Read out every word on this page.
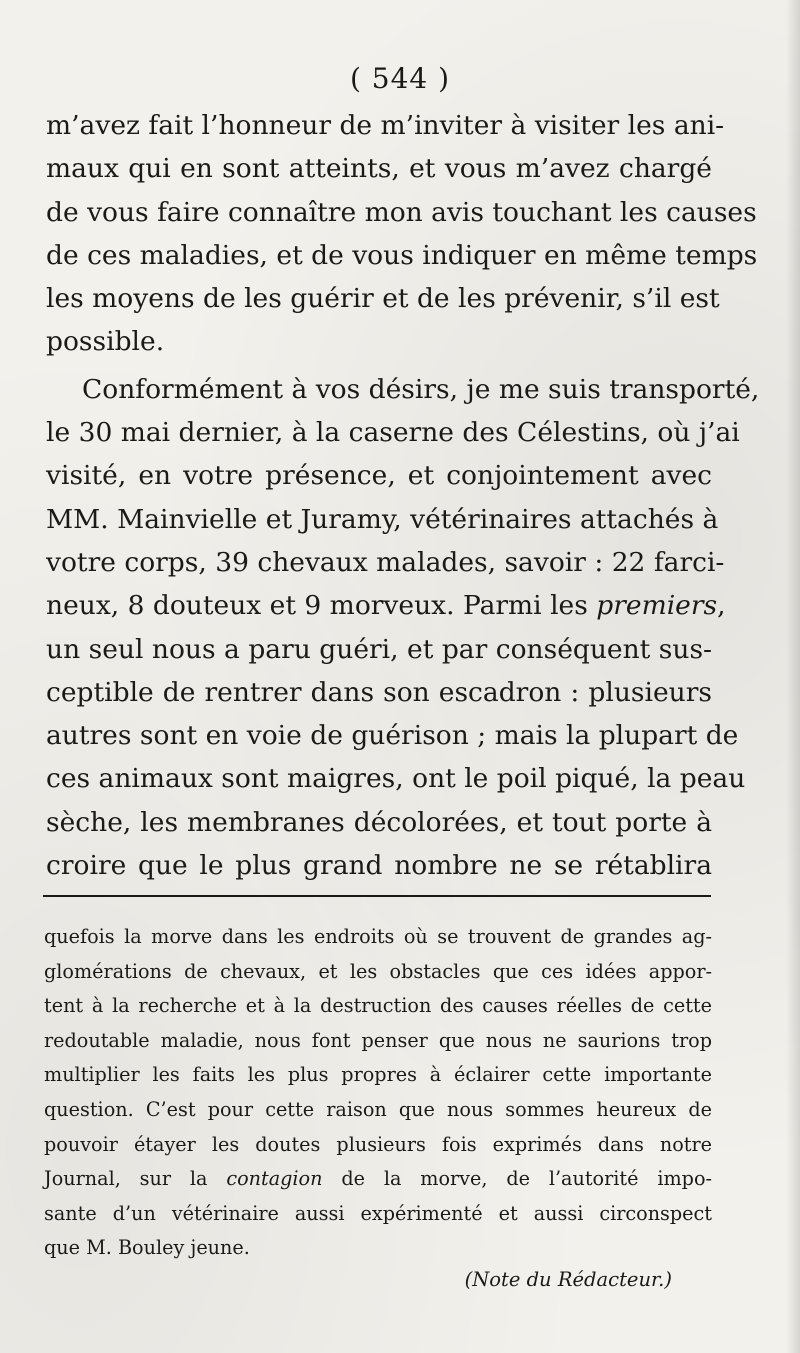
( 544 )

m’avez fait l’honneur de m’inviter à visiter les ani-
maux qui en sont atteints, et vous m’avez chargé
de vous faire connaître mon avis touchant les causes
de ces maladies, et de vous indiquer en même temps
les moyens de les guérir et de les prévenir, s’il est
possible.

Conformément à vos désirs, je me suis transporté,
le 30 mai dernier, à la caserne des Célestins, où j’ai
visité, en votre présence, et conjointement avec
MM. Mainvielle et Juramy, vétérinaires attachés à
votre corps, 39 chevaux malades, savoir : 22 farci-
neux, 8 douteux et 9 morveux. Parmi les premiers,
un seul nous a paru guéri, et par conséquent sus-
ceptible de rentrer dans son escadron : plusieurs
autres sont en voie de guérison ; mais la plupart de
ces animaux sont maigres, ont le poil piqué, la peau
sèche, les membranes décolorées, et tout porte à
croire que le plus grand nombre ne se rétablira

quefois la morve dans les endroits où se trouvent de grandes ag-
glomérations de chevaux, et les obstacles que ces idées appor-
tent à la recherche et à la destruction des causes réelles de cette
redoutable maladie, nous font penser que nous ne saurions trop
multiplier les faits les plus propres à éclairer cette importante
question. C’est pour cette raison que nous sommes heureux de
pouvoir étayer les doutes plusieurs fois exprimés dans notre
Journal, sur la contagion de la morve, de l’autorité impo-
sante d’un vétérinaire aussi expérimenté et aussi circonspect
que M. Bouley jeune.
(Note du Rédacteur.)
